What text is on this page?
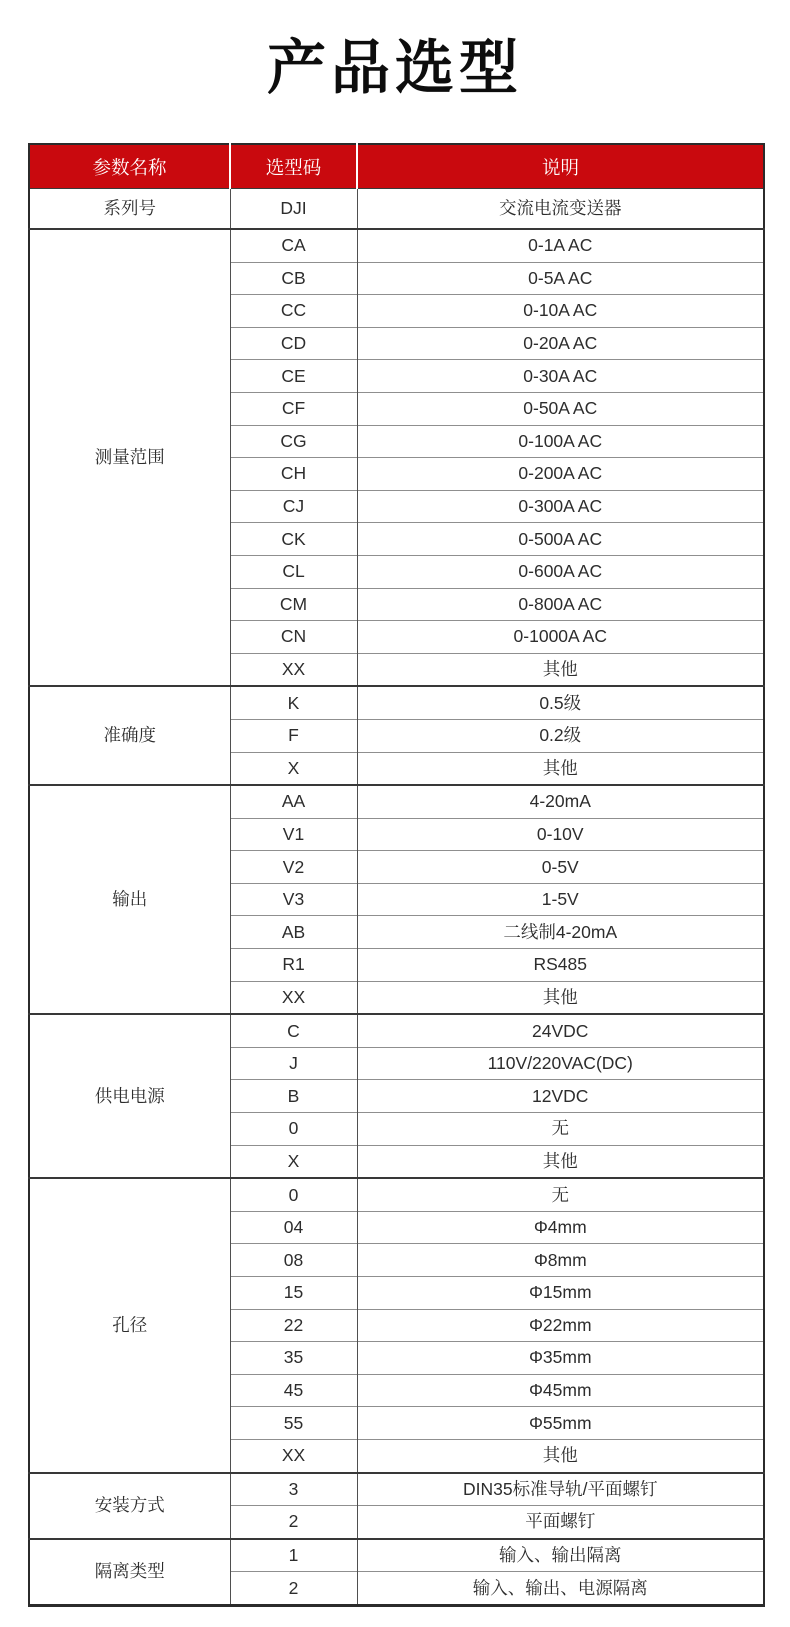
产品选型
参数名称	选型码	说明
系列号	DJI	交流电流变送器
测量范围	CA	0-1A AC
	CB	0-5A AC
	CC	0-10A AC
	CD	0-20A AC
	CE	0-30A AC
	CF	0-50A AC
	CG	0-100A AC
	CH	0-200A AC
	CJ	0-300A AC
	CK	0-500A AC
	CL	0-600A AC
	CM	0-800A AC
	CN	0-1000A AC
	XX	其他
准确度	K	0.5级
	F	0.2级
	X	其他
输出	AA	4-20mA
	V1	0-10V
	V2	0-5V
	V3	1-5V
	AB	二线制4-20mA
	R1	RS485
	XX	其他
供电电源	C	24VDC
	J	110V/220VAC(DC)
	B	12VDC
	0	无
	X	其他
孔径	0	无
	04	Φ4mm
	08	Φ8mm
	15	Φ15mm
	22	Φ22mm
	35	Φ35mm
	45	Φ45mm
	55	Φ55mm
	XX	其他
安装方式	3	DIN35标准导轨/平面螺钉
	2	平面螺钉
隔离类型	1	输入、输出隔离
	2	输入、输出、电源隔离
